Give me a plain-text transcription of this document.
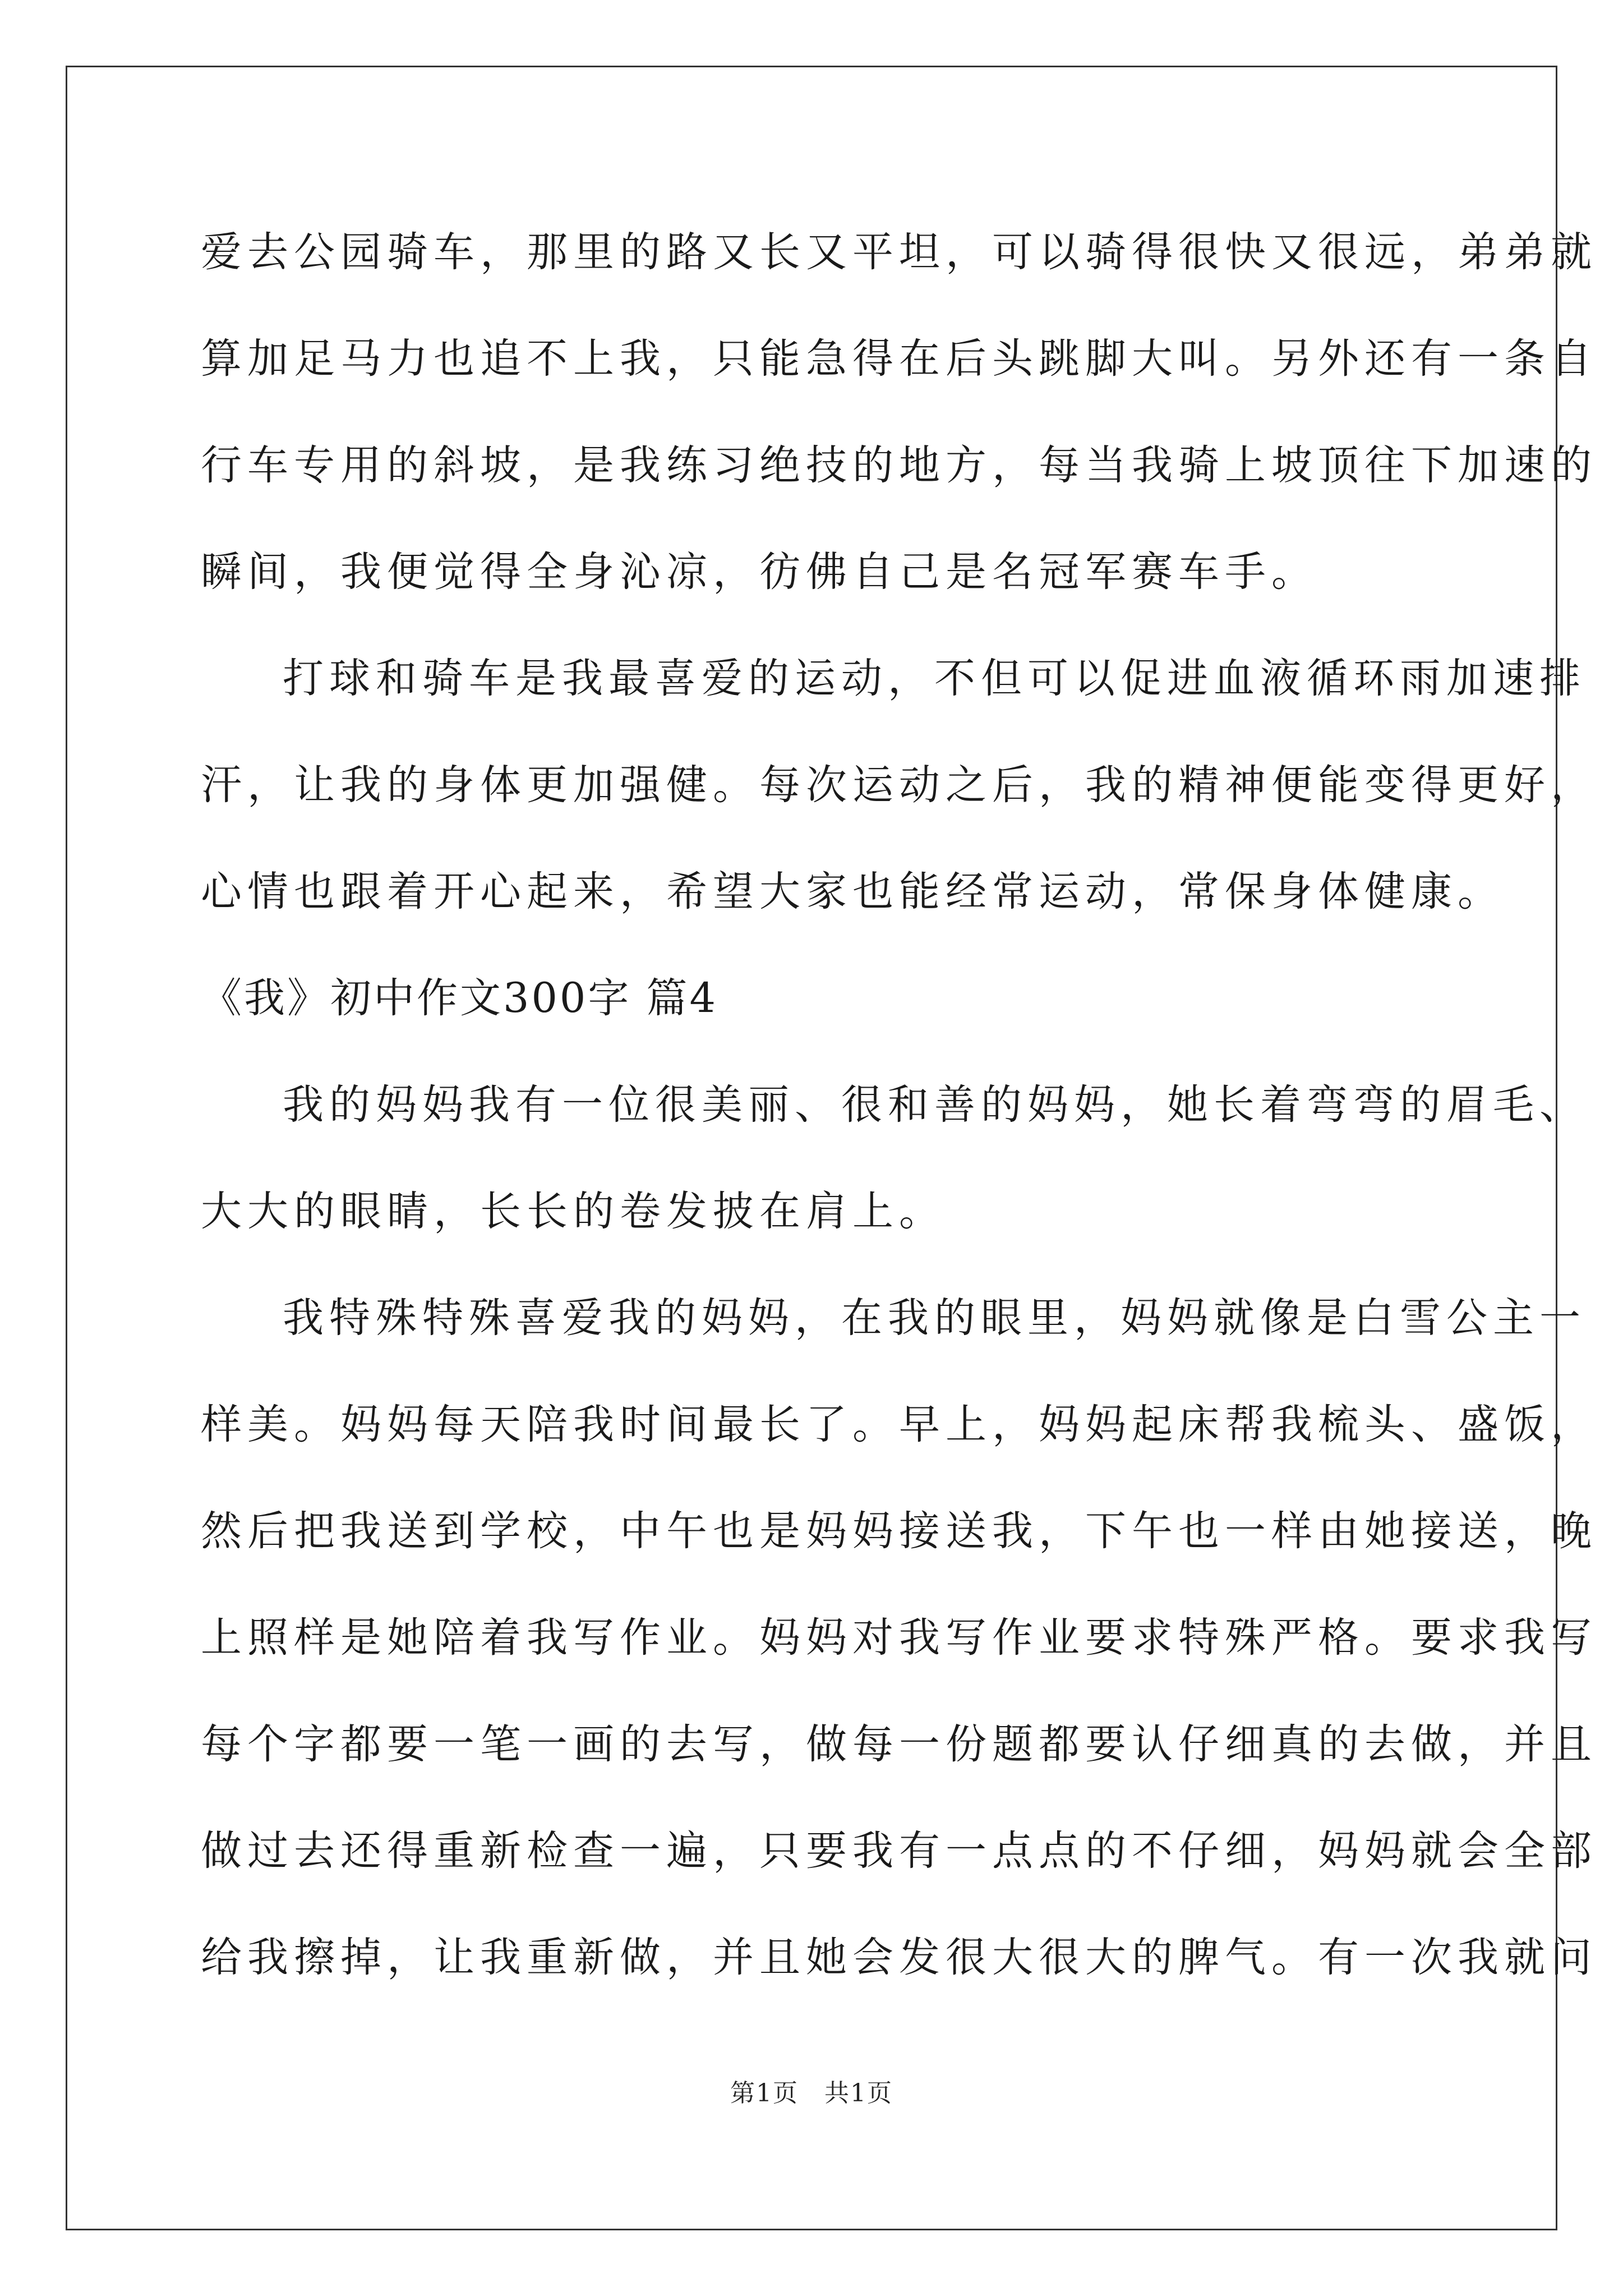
爱去公园骑车，那里的路又长又平坦，可以骑得很快又很远，弟弟就
算加足马力也追不上我，只能急得在后头跳脚大叫。另外还有一条自
行车专用的斜坡，是我练习绝技的地方，每当我骑上坡顶往下加速的
瞬间，我便觉得全身沁凉，彷佛自己是名冠军赛车手。
打球和骑车是我最喜爱的运动，不但可以促进血液循环雨加速排
汗，让我的身体更加强健。每次运动之后，我的精神便能变得更好，
心情也跟着开心起来，希望大家也能经常运动，常保身体健康。
《我》初中作文300字 篇4
我的妈妈我有一位很美丽、很和善的妈妈，她长着弯弯的眉毛、
大大的眼睛，长长的卷发披在肩上。
我特殊特殊喜爱我的妈妈，在我的眼里，妈妈就像是白雪公主一
样美。妈妈每天陪我时间最长了。早上，妈妈起床帮我梳头、盛饭，
然后把我送到学校，中午也是妈妈接送我，下午也一样由她接送，晚
上照样是她陪着我写作业。妈妈对我写作业要求特殊严格。要求我写
每个字都要一笔一画的去写，做每一份题都要认仔细真的去做，并且
做过去还得重新检查一遍，只要我有一点点的不仔细，妈妈就会全部
给我擦掉，让我重新做，并且她会发很大很大的脾气。有一次我就问
第1页　共1页
